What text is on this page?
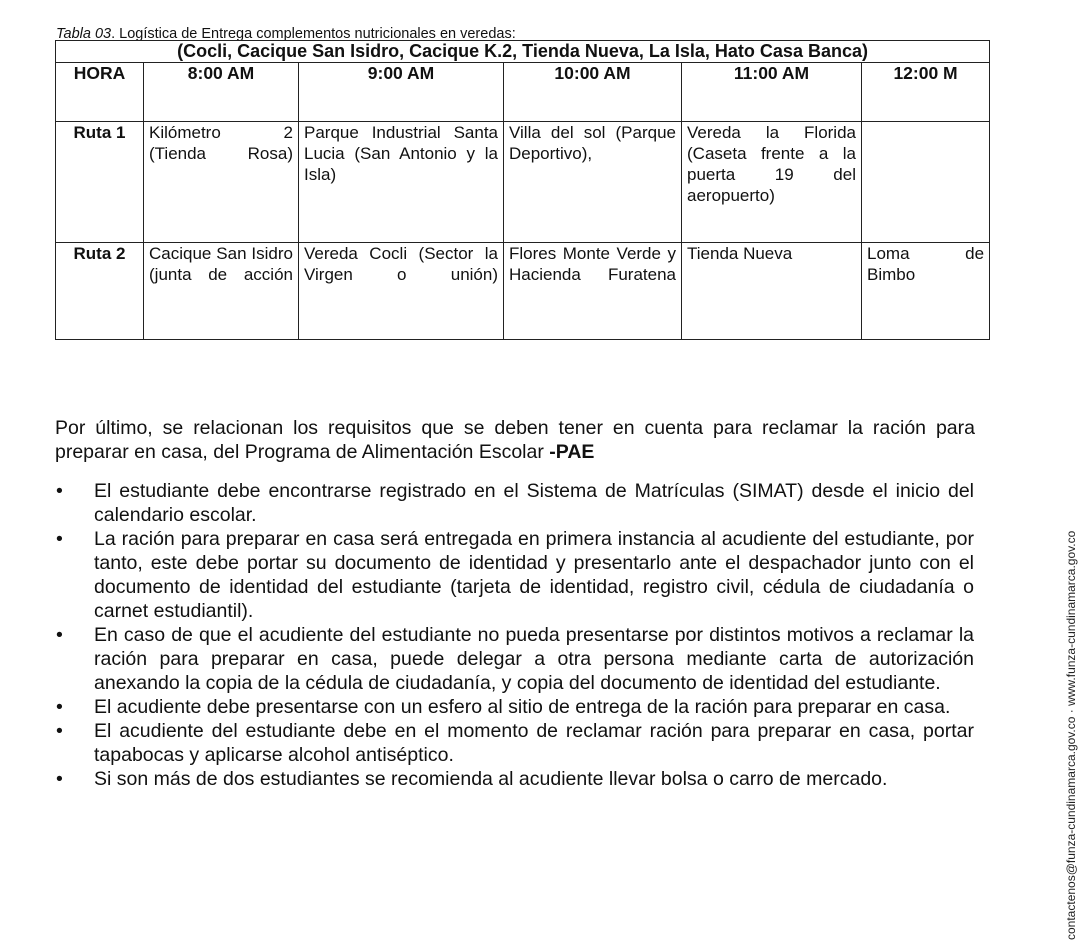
Tabla 03. Logística de Entrega complementos nutricionales en veredas:
(Cocli, Cacique San Isidro, Cacique K.2, Tienda Nueva, La Isla, Hato Casa Banca)					
HORA	8:00 AM	9:00 AM	10:00 AM	11:00 AM	12:00 M
Ruta 1	Kilómetro 2 (Tienda Rosa)	Parque Industrial Santa Lucia (San Antonio y la Isla)	Villa del sol (Parque Deportivo),	Vereda la Florida (Caseta frente a la puerta 19 del aeropuerto)	
Ruta 2	Cacique San Isidro (junta de acción	Vereda Cocli (Sector la Virgen o unión)	Flores Monte Verde y Hacienda Furatena	Tienda Nueva	Loma de Bimbo

Por último, se relacionan los requisitos que se deben tener en cuenta para reclamar la ración para preparar en casa, del Programa de Alimentación Escolar -PAE

•	El estudiante debe encontrarse registrado en el Sistema de Matrículas (SIMAT) desde el inicio del calendario escolar.
•	La ración para preparar en casa será entregada en primera instancia al acudiente del estudiante, por tanto, este debe portar su documento de identidad y presentarlo ante el despachador junto con el documento de identidad del estudiante (tarjeta de identidad, registro civil, cédula de ciudadanía o carnet estudiantil).
•	En caso de que el acudiente del estudiante no pueda presentarse por distintos motivos a reclamar la ración para preparar en casa, puede delegar a otra persona mediante carta de autorización anexando la copia de la cédula de ciudadanía, y copia del documento de identidad del estudiante.
•	El acudiente debe presentarse con un esfero al sitio de entrega de la ración para preparar en casa.
•	El acudiente del estudiante debe en el momento de reclamar ración para preparar en casa, portar tapabocas y aplicarse alcohol antiséptico.
•	Si son más de dos estudiantes se recomienda al acudiente llevar bolsa o carro de mercado.	contactenos@funza-cundinamarca.gov.co · www.funza-cundinamarca.gov.co
